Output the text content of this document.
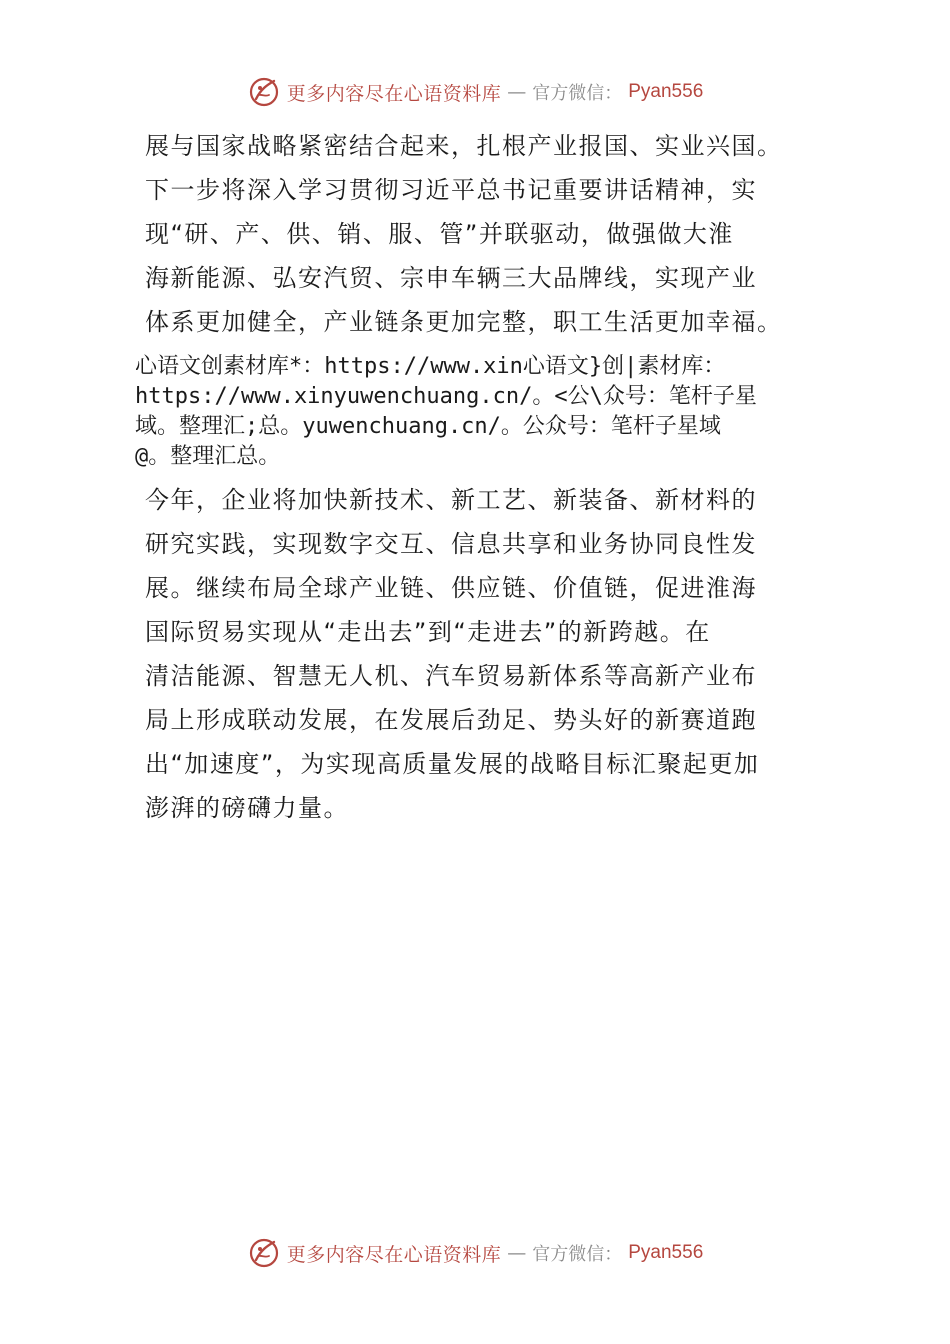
更多内容尽在心语资料库 — 官方微信： Pyan556

展与国家战略紧密结合起来，扎根产业报国、实业兴国。

下一步将深入学习贯彻习近平总书记重要讲话精神，实

现“研、产、供、销、服、管”并联驱动，做强做大淮

海新能源、弘安汽贸、宗申车辆三大品牌线，实现产业

体系更加健全，产业链条更加完整，职工生活更加幸福。

心语文创素材库*：https://www.xin心语文}创|素材库：
https://www.xinyuwenchuang.cn/。<公\众号：笔杆子星
域。整理汇;总。yuwenchuang.cn/。公众号：笔杆子星域
@。整理汇总。

今年，企业将加快新技术、新工艺、新装备、新材料的

研究实践，实现数字交互、信息共享和业务协同良性发

展。继续布局全球产业链、供应链、价值链，促进淮海

国际贸易实现从“走出去”到“走进去”的新跨越。在

清洁能源、智慧无人机、汽车贸易新体系等高新产业布

局上形成联动发展，在发展后劲足、势头好的新赛道跑

出“加速度”，为实现高质量发展的战略目标汇聚起更加

澎湃的磅礴力量。

更多内容尽在心语资料库 — 官方微信： Pyan556
